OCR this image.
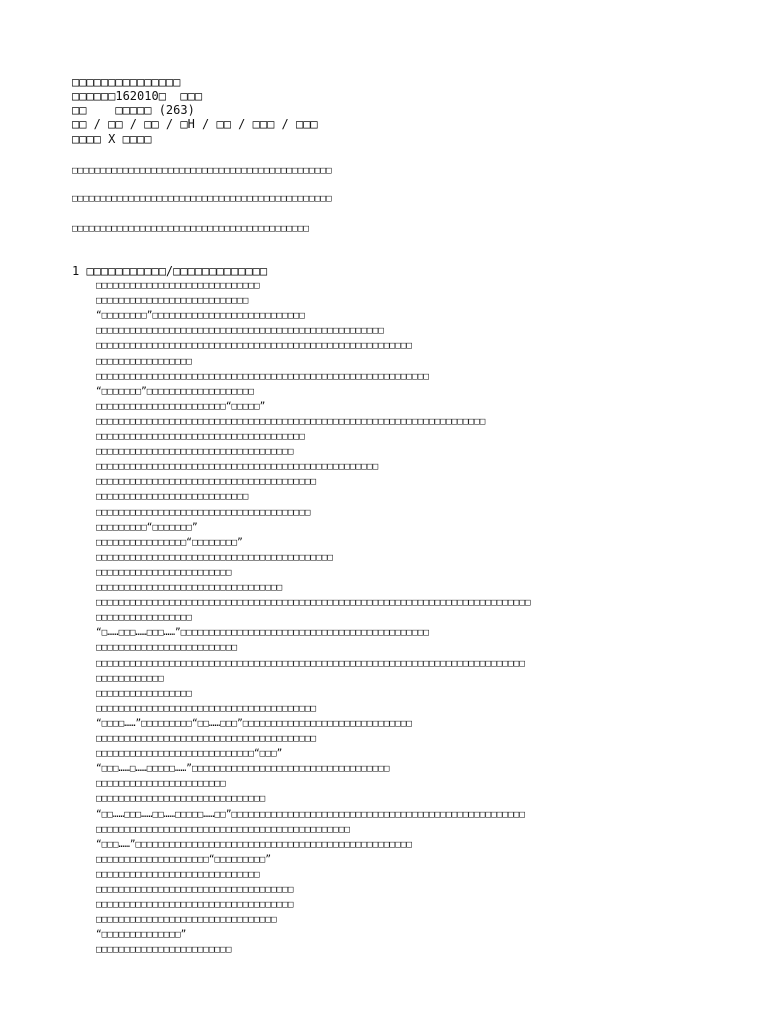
□□□□□□□□□□□□□□□
□□□□□□162010□  □□□
□□    □□□□□ (263)
□□ / □□ / □□ / □H / □□ / □□□ / □□□
□□□□ X □□□□
□□□□□□□□□□□□□□□□□□□□□□□□□□□□□□□□□□□□□□□□□□□□□□
□□□□□□□□□□□□□□□□□□□□□□□□□□□□□□□□□□□□□□□□□□□□□□
□□□□□□□□□□□□□□□□□□□□□□□□□□□□□□□□□□□□□□□□□□
1 □□□□□□□□□□□/□□□□□□□□□□□□□
□□□□□□□□□□□□□□□□□□□□□□□□□□□□□
□□□□□□□□□□□□□□□□□□□□□□□□□□□
“□□□□□□□□”□□□□□□□□□□□□□□□□□□□□□□□□□□□
□□□□□□□□□□□□□□□□□□□□□□□□□□□□□□□□□□□□□□□□□□□□□□□□□□□
□□□□□□□□□□□□□□□□□□□□□□□□□□□□□□□□□□□□□□□□□□□□□□□□□□□□□□□□
□□□□□□□□□□□□□□□□□
□□□□□□□□□□□□□□□□□□□□□□□□□□□□□□□□□□□□□□□□□□□□□□□□□□□□□□□□□□□
“□□□□□□□”□□□□□□□□□□□□□□□□□□□
□□□□□□□□□□□□□□□□□□□□□□□“□□□□□”
□□□□□□□□□□□□□□□□□□□□□□□□□□□□□□□□□□□□□□□□□□□□□□□□□□□□□□□□□□□□□□□□□□□□□
□□□□□□□□□□□□□□□□□□□□□□□□□□□□□□□□□□□□□
□□□□□□□□□□□□□□□□□□□□□□□□□□□□□□□□□□□
□□□□□□□□□□□□□□□□□□□□□□□□□□□□□□□□□□□□□□□□□□□□□□□□□□
□□□□□□□□□□□□□□□□□□□□□□□□□□□□□□□□□□□□□□□
□□□□□□□□□□□□□□□□□□□□□□□□□□□
□□□□□□□□□□□□□□□□□□□□□□□□□□□□□□□□□□□□□□
□□□□□□□□□“□□□□□□□”
□□□□□□□□□□□□□□□□“□□□□□□□□”
□□□□□□□□□□□□□□□□□□□□□□□□□□□□□□□□□□□□□□□□□□
□□□□□□□□□□□□□□□□□□□□□□□□
□□□□□□□□□□□□□□□□□□□□□□□□□□□□□□□□□
□□□□□□□□□□□□□□□□□□□□□□□□□□□□□□□□□□□□□□□□□□□□□□□□□□□□□□□□□□□□□□□□□□□□□□□□□□□□□
□□□□□□□□□□□□□□□□□
“□……□□□……□□□……”□□□□□□□□□□□□□□□□□□□□□□□□□□□□□□□□□□□□□□□□□□□□
□□□□□□□□□□□□□□□□□□□□□□□□□
□□□□□□□□□□□□□□□□□□□□□□□□□□□□□□□□□□□□□□□□□□□□□□□□□□□□□□□□□□□□□□□□□□□□□□□□□□□□
□□□□□□□□□□□□
□□□□□□□□□□□□□□□□□
□□□□□□□□□□□□□□□□□□□□□□□□□□□□□□□□□□□□□□□
“□□□□……”□□□□□□□□□“□□……□□□”□□□□□□□□□□□□□□□□□□□□□□□□□□□□□□
□□□□□□□□□□□□□□□□□□□□□□□□□□□□□□□□□□□□□□□
□□□□□□□□□□□□□□□□□□□□□□□□□□□□“□□□”
“□□□……□……□□□□□……”□□□□□□□□□□□□□□□□□□□□□□□□□□□□□□□□□□□
□□□□□□□□□□□□□□□□□□□□□□□
□□□□□□□□□□□□□□□□□□□□□□□□□□□□□□
“□□……□□□……□□……□□□□□……□□”□□□□□□□□□□□□□□□□□□□□□□□□□□□□□□□□□□□□□□□□□□□□□□□□□□□□
□□□□□□□□□□□□□□□□□□□□□□□□□□□□□□□□□□□□□□□□□□□□□
“□□□……”□□□□□□□□□□□□□□□□□□□□□□□□□□□□□□□□□□□□□□□□□□□□□□□□□
□□□□□□□□□□□□□□□□□□□□“□□□□□□□□□”
□□□□□□□□□□□□□□□□□□□□□□□□□□□□□
□□□□□□□□□□□□□□□□□□□□□□□□□□□□□□□□□□□
□□□□□□□□□□□□□□□□□□□□□□□□□□□□□□□□□□□
□□□□□□□□□□□□□□□□□□□□□□□□□□□□□□□□
“□□□□□□□□□□□□□□”
□□□□□□□□□□□□□□□□□□□□□□□□
